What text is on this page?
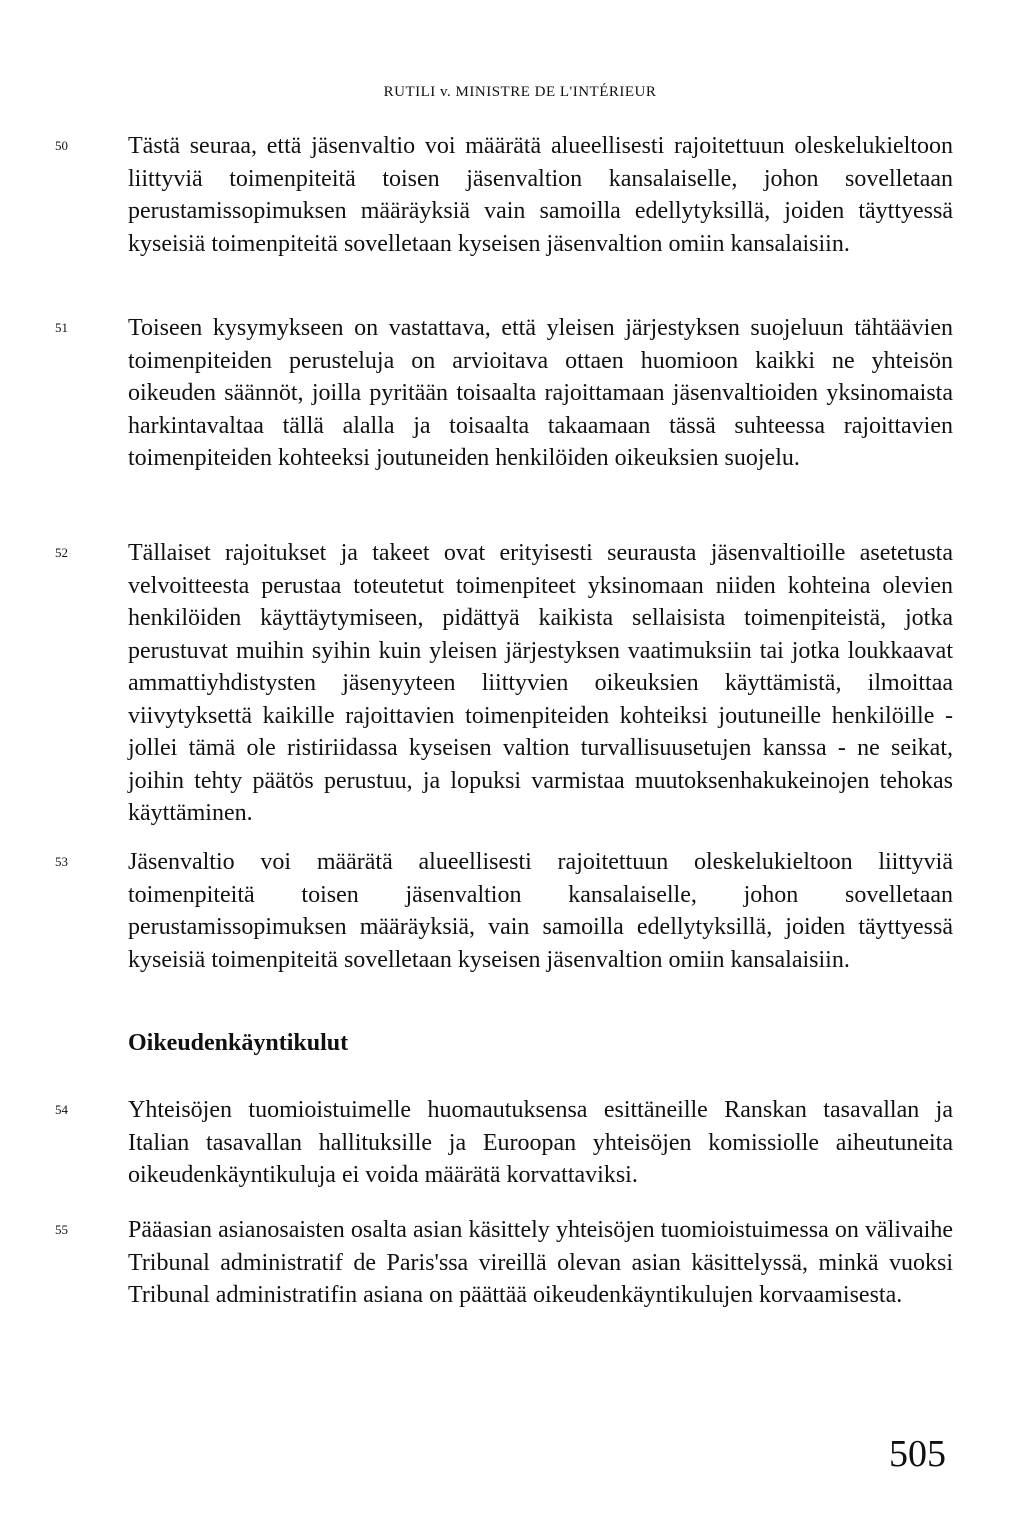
RUTILI v. MINISTRE DE L'INTÉRIEUR
50	Tästä seuraa, että jäsenvaltio voi määrätä alueellisesti rajoitettuun oleskelukieltoon liittyviä toimenpiteitä toisen jäsenvaltion kansalaiselle, johon sovelletaan perustamissopimuksen määräyksiä vain samoilla edellytyksillä, joiden täyttyessä kyseisiä toimenpiteitä sovelletaan kyseisen jäsenvaltion omiin kansalaisiin.

51	Toiseen kysymykseen on vastattava, että yleisen järjestyksen suojeluun tähtäävien toimenpiteiden perusteluja on arvioitava ottaen huomioon kaikki ne yhteisön oikeuden säännöt, joilla pyritään toisaalta rajoittamaan jäsenvaltioiden yksinomaista harkintavaltaa tällä alalla ja toisaalta takaamaan tässä suhteessa rajoittavien toimenpiteiden kohteeksi joutuneiden henkilöiden oikeuksien suojelu.

52	Tällaiset rajoitukset ja takeet ovat erityisesti seurausta jäsenvaltioille asetetusta velvoitteesta perustaa toteutetut toimenpiteet yksinomaan niiden kohteina olevien henkilöiden käyttäytymiseen, pidättyä kaikista sellaisista toimenpiteistä, jotka perustuvat muihin syihin kuin yleisen järjestyksen vaatimuksiin tai jotka loukkaavat ammattiyhdistysten jäsenyyteen liittyvien oikeuksien käyttämistä, ilmoittaa viivytyksettä kaikille rajoittavien toimenpiteiden kohteiksi joutuneille henkilöille - jollei tämä ole ristiriidassa kyseisen valtion turvallisuusetujen kanssa - ne seikat, joihin tehty päätös perustuu, ja lopuksi varmistaa muutoksenhakukeinojen tehokas käyttäminen.

53	Jäsenvaltio voi määrätä alueellisesti rajoitettuun oleskelukieltoon liittyviä toimenpiteitä toisen jäsenvaltion kansalaiselle, johon sovelletaan perustamissopimuksen määräyksiä, vain samoilla edellytyksillä, joiden täyttyessä kyseisiä toimenpiteitä sovelletaan kyseisen jäsenvaltion omiin kansalaisiin.

Oikeudenkäyntikulut
54	Yhteisöjen tuomioistuimelle huomautuksensa esittäneille Ranskan tasavallan ja Italian tasavallan hallituksille ja Euroopan yhteisöjen komissiolle aiheutuneita oikeudenkäyntikuluja ei voida määrätä korvattaviksi.

55	Pääasian asianosaisten osalta asian käsittely yhteisöjen tuomioistuimessa on välivaihe Tribunal administratif de Paris'ssa vireillä olevan asian käsittelyssä, minkä vuoksi Tribunal administratifin asiana on päättää oikeudenkäyntikulujen korvaamisesta.

505
